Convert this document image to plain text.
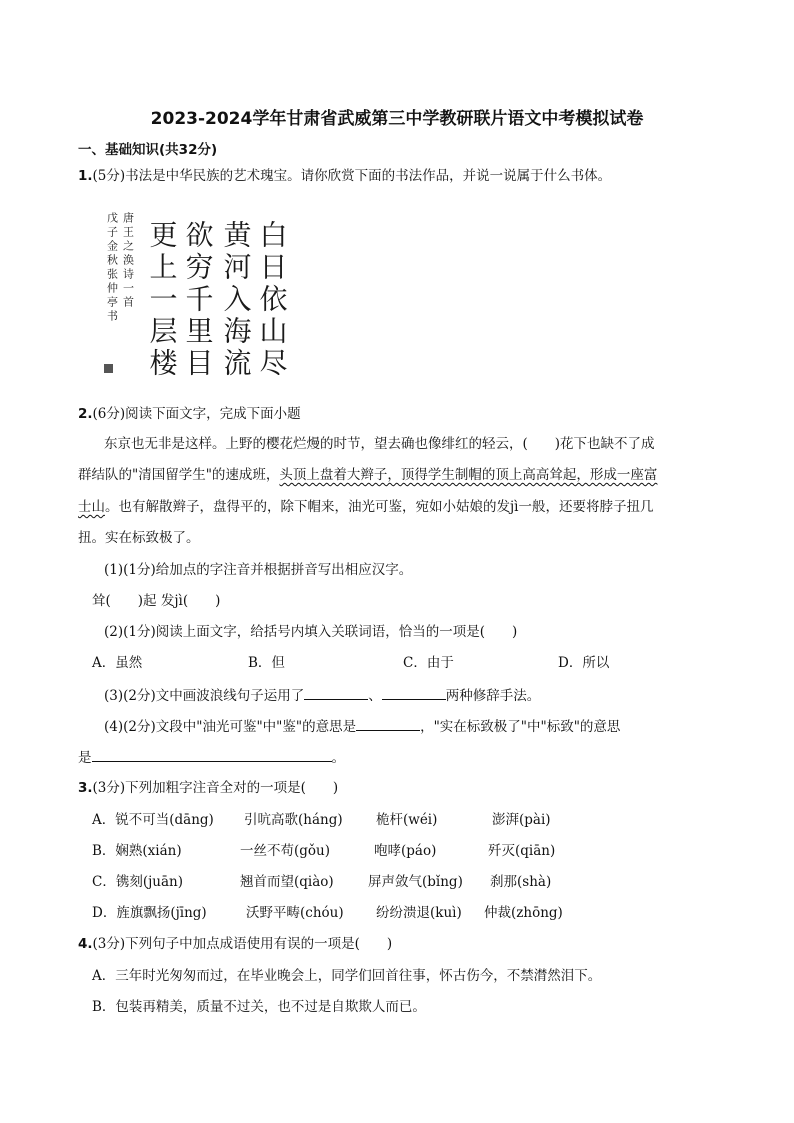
2023-2024学年甘肃省武威第三中学教研联片语文中考模拟试卷
一、基础知识(共32分)
1.(5分)书法是中华民族的艺术瑰宝。请你欣赏下面的书法作品，并说一说属于什么书体。
白日依山尽
黄河入海流
欲穷千里目
更上一层楼
唐王之涣诗一首
戊子金秋张仲亭书
2.(6分)阅读下面文字，完成下面小题
东京也无非是这样。上野的樱花烂熳的时节，望去确也像绯红的轻云，(　　)花下也缺不了成
群结队的"清国留学生"的速成班，头顶上盘着大辫子，顶得学生制帽的顶上高高耸起，形成一座富
士山。也有解散辫子，盘得平的，除下帽来，油光可鉴，宛如小姑娘的发jì一般，还要将脖子扭几
扭。实在标致极了。
(1)(1分)给加点的字注音并根据拼音写出相应汉字。
耸(　　)起 发jì(　　)
(2)(1分)阅读上面文字，给括号内填入关联词语，恰当的一项是(　　)
A．虽然	B．但	C．由于	D．所以
(3)(2分)文中画波浪线句子运用了	、	两种修辞手法。
(4)(2分)文段中"油光可鉴"中"鉴"的意思是	，"实在标致极了"中"标致"的意思
是	。
3.(3分)下列加粗字注音全对的一项是(　　)
A．锐不可当(dāng) 引吭高歌(háng) 桅杆(wéi)	澎湃(pài)
B．娴熟(xián)	一丝不苟(gǒu)	咆哮(páo)	歼灭(qiān)
C．镌刻(juān)	翘首而望(qiào)	屏声敛气(bǐng) 刹那(shà)
D．旌旗飘扬(jīng)	沃野平畴(chóu) 纷纷溃退(kuì) 仲裁(zhōng)
4.(3分)下列句子中加点成语使用有误的一项是(　　)
A．三年时光匆匆而过，在毕业晚会上，同学们回首往事，怀古伤今，不禁潸然泪下。
B．包装再精美，质量不过关，也不过是自欺欺人而已。
